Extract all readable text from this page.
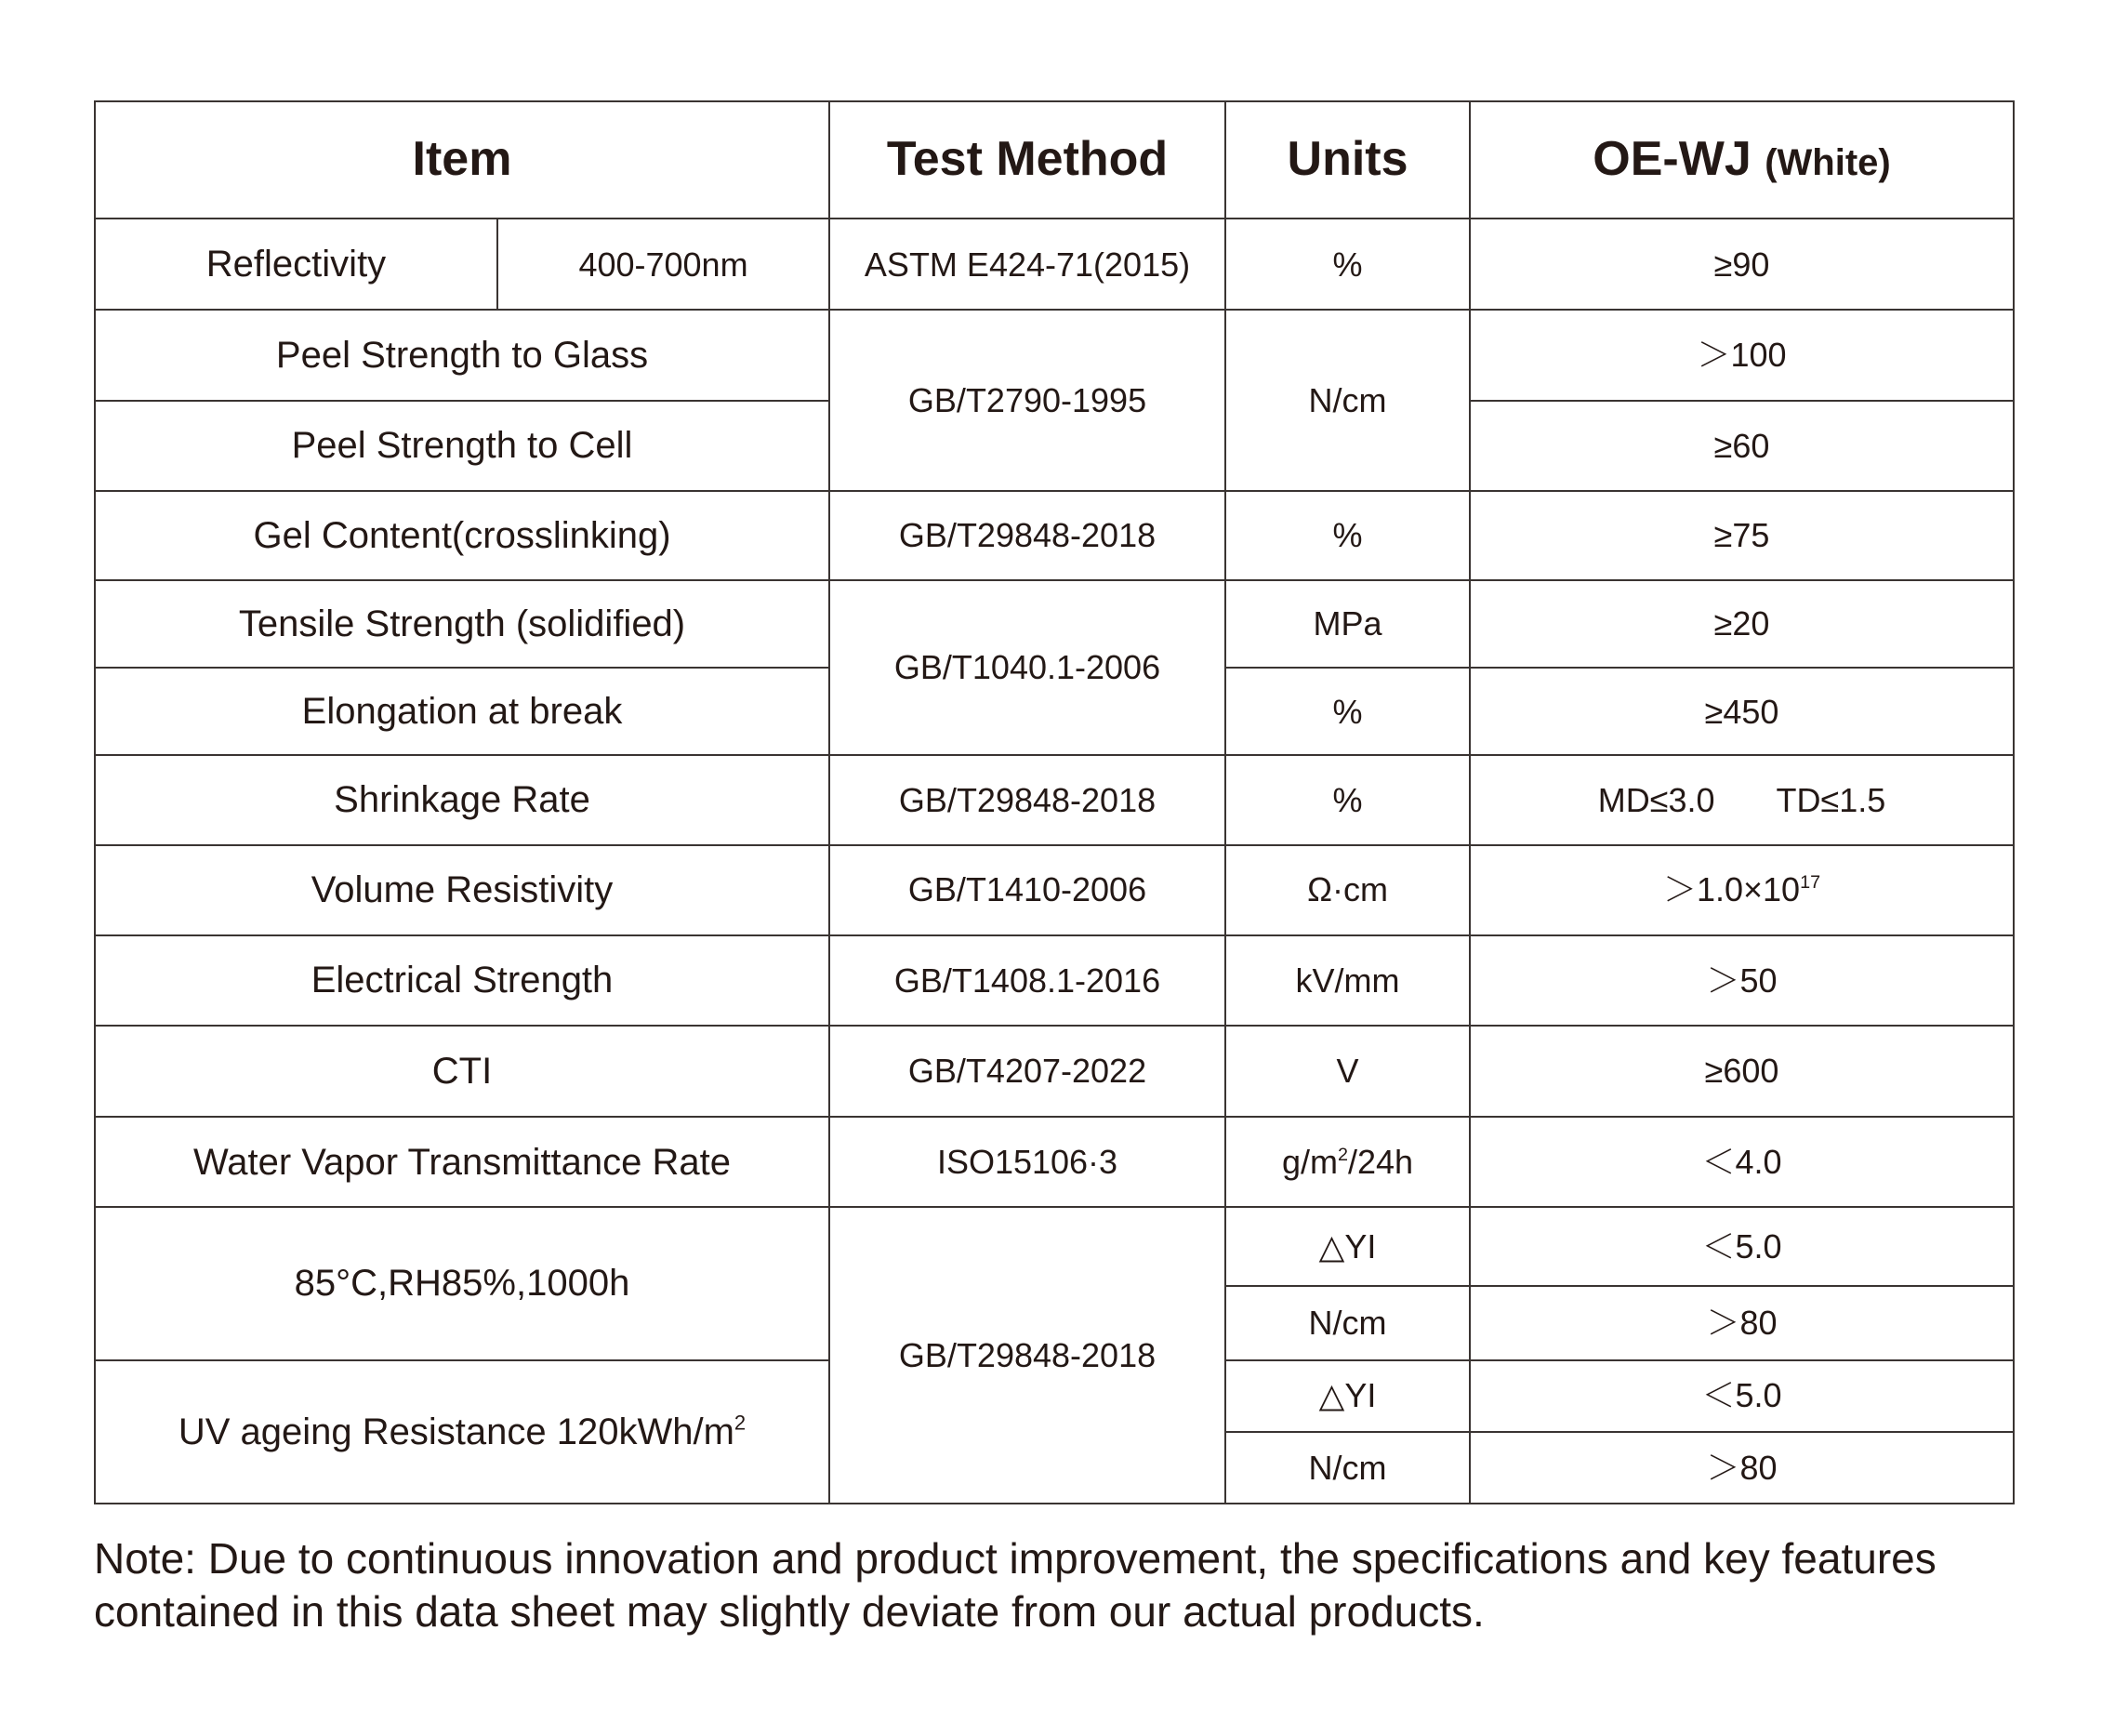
Item		Test Method	Units	OE-WJ (White)
Reflectivity	400-700nm	ASTM E424-71(2015)	%	≥90
Peel Strength to Glass		GB/T2790-1995	N/cm	＞100
Peel Strength to Cell				≥60
Gel Content(crosslinking)		GB/T29848-2018	%	≥75
Tensile Strength (solidified)		GB/T1040.1-2006	MPa	≥20
Elongation at break			%	≥450
Shrinkage Rate		GB/T29848-2018	%	MD≤3.0 TD≤1.5
Volume Resistivity		GB/T1410-2006	Ω·cm	$>1.0\times 10^{17}$
Electrical Strength		GB/T1408.1-2016	kV/mm	＞50
CTI		GB/T4207-2022	V	≥600
Water Vapor Transmittance Rate		ISO15106·3	$g/m^2/24h$	＜4.0
85°C,RH85%,1000h		GB/T29848-2018	△YI	＜5.0
			N/cm	＞80
UV ageing Resistance $120kWh/m^2$			△YI	＜5.0
			N/cm	＞80

Note: Due to continuous innovation and product improvement, the specifications and key features contained in this data sheet may slightly deviate from our actual products.
